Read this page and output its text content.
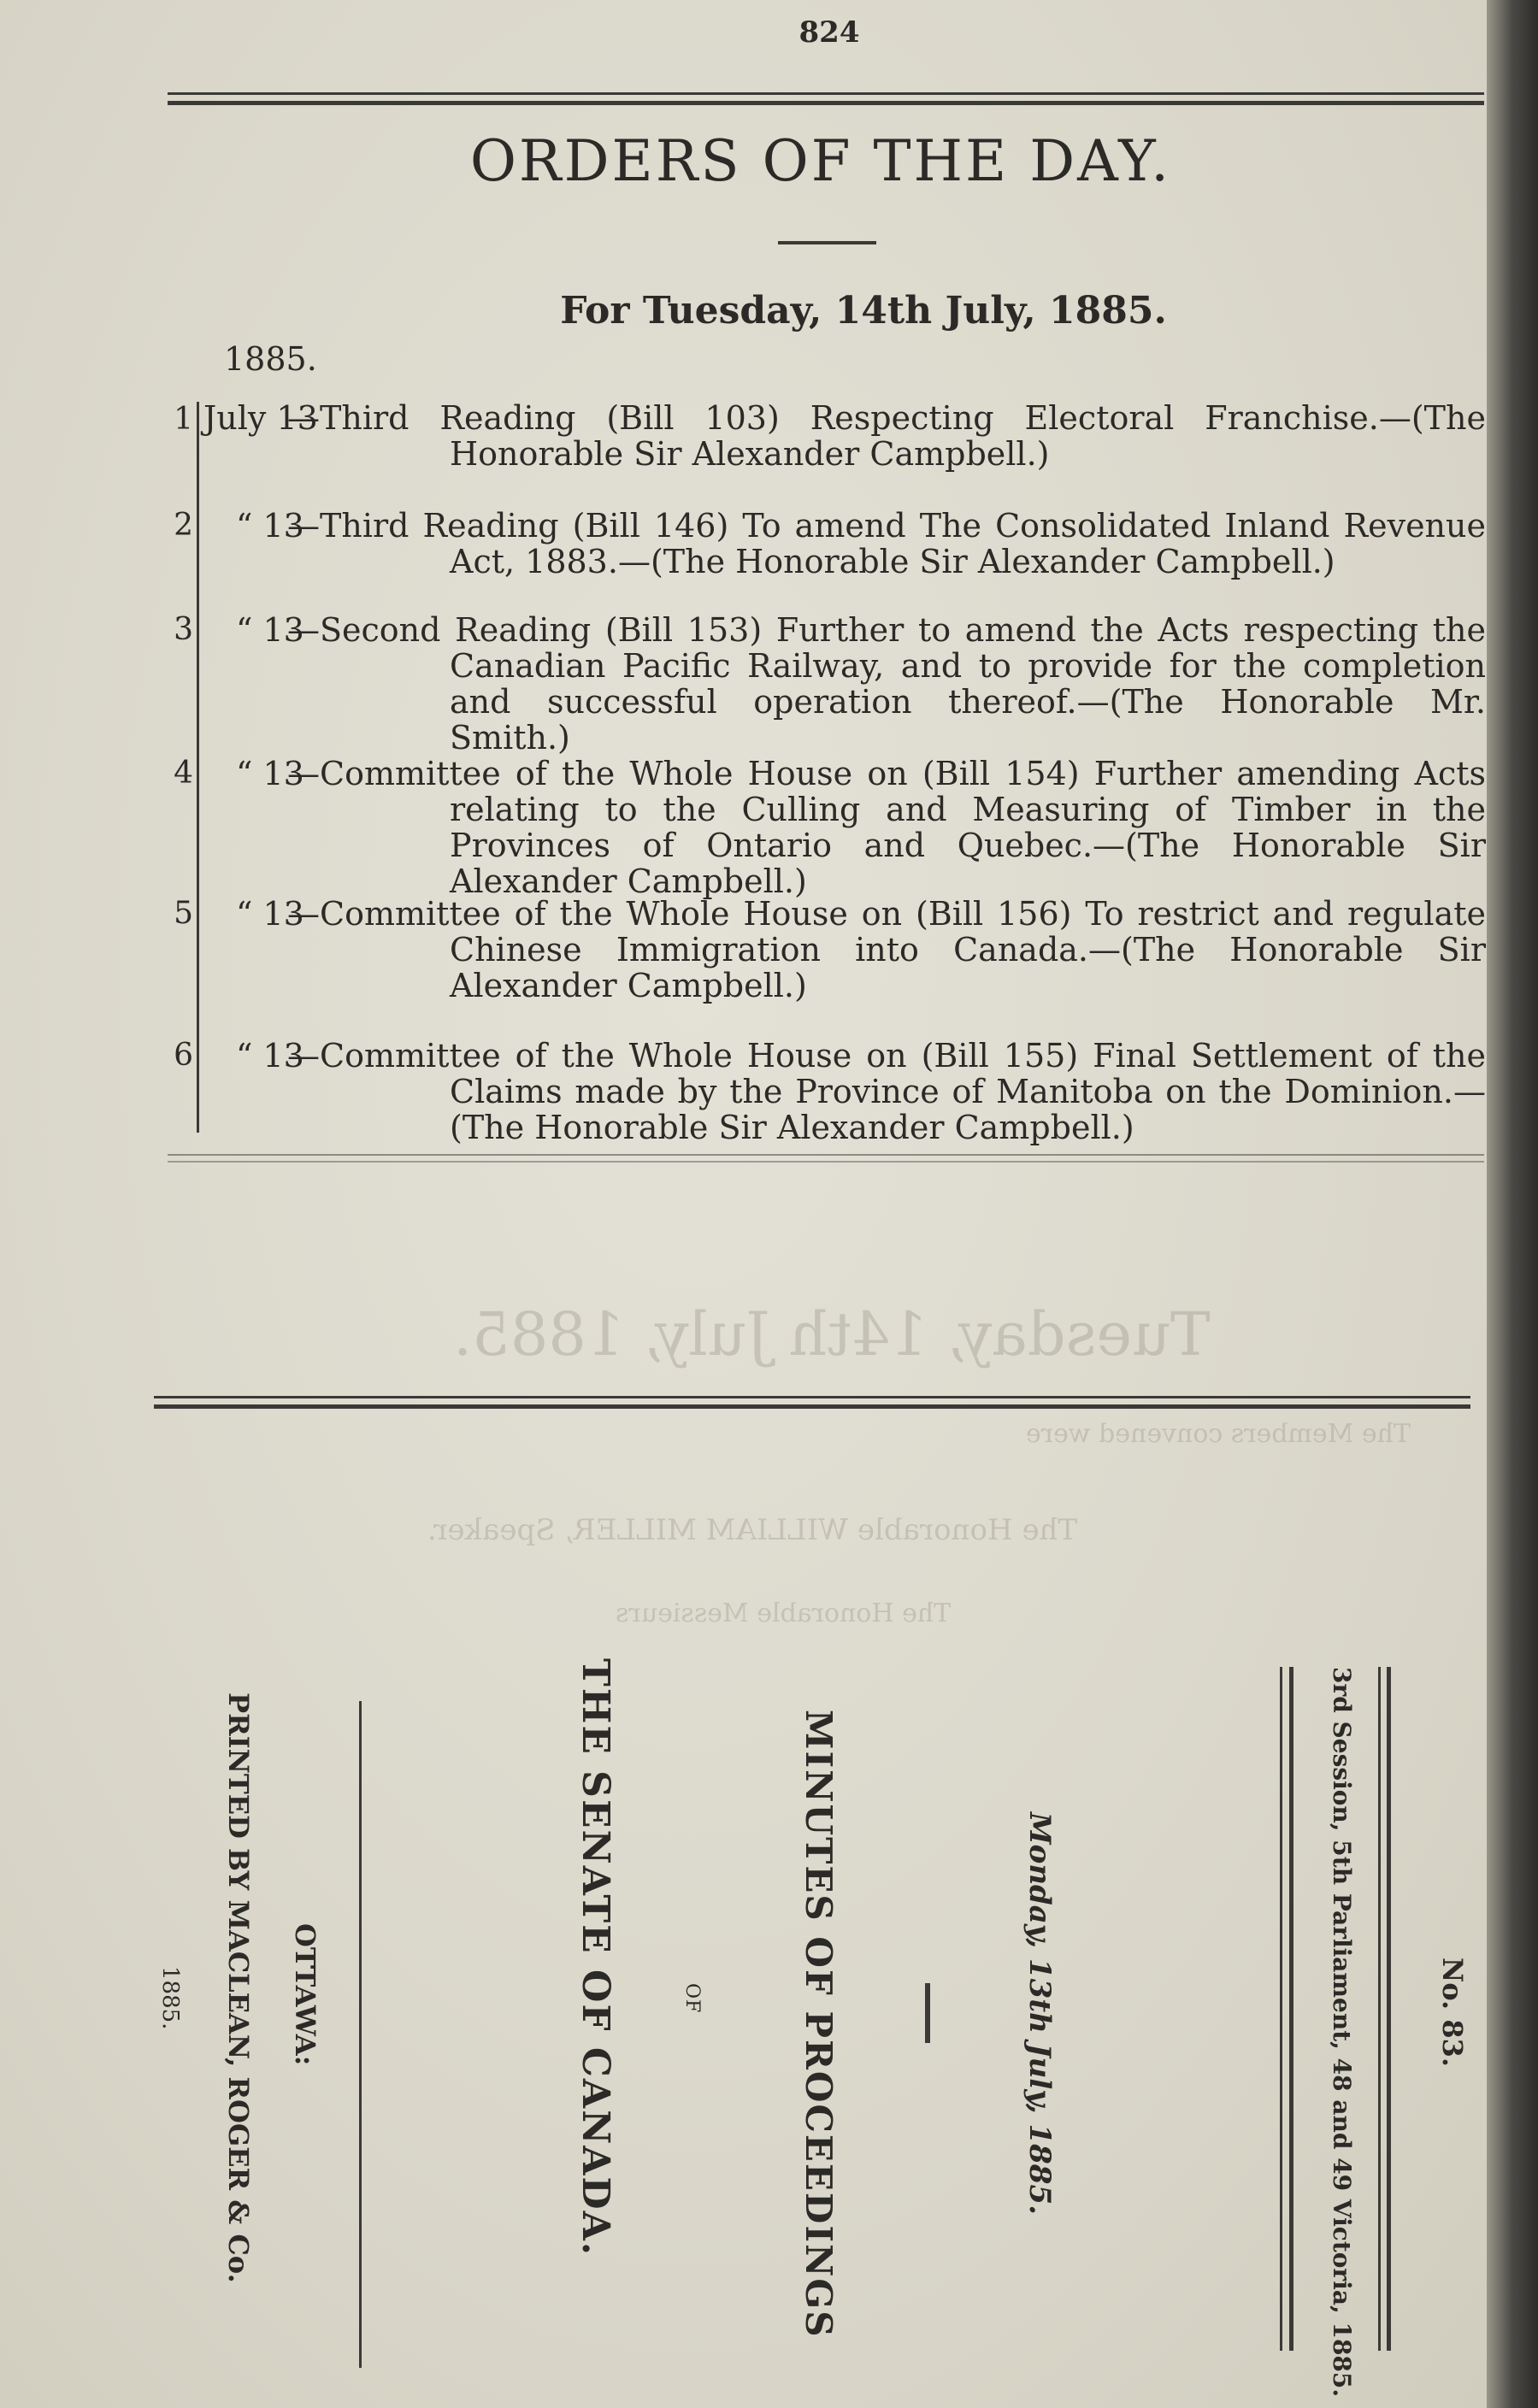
Tuesday, 14th July, 1885.
The Members convened were
The Honorable WILLIAM MILLER, Speaker.
The Honorable Messieurs
824
ORDERS OF THE DAY.
For Tuesday, 14th July, 1885.
1885.
1 July 13
—Third Reading (Bill 103) Respecting Electoral Franchise.—(The Honorable Sir Alexander Campbell.)
2 “ 13
—Third Reading (Bill 146) To amend The Consolidated Inland Revenue Act, 1883.—(The Honorable Sir Alexander Campbell.)
3 “ 13
—Second Reading (Bill 153) Further to amend the Acts respecting the Canadian Pacific Railway, and to provide for the completion and successful operation thereof.—(The Honorable Mr. Smith.)
4 “ 13
—Committee of the Whole House on (Bill 154) Further amending Acts relating to the Culling and Measuring of Timber in the Provinces of Ontario and Quebec.—(The Honorable Sir Alexander Campbell.)
5 “ 13
—Committee of the Whole House on (Bill 156) To restrict and regulate Chinese Immigration into Canada.—(The Honorable Sir Alexander Campbell.)
6 “ 13
—Committee of the Whole House on (Bill 155) Final Settlement of the Claims made by the Province of Manitoba on the Dominion.—(The Honorable Sir Alexander Campbell.)
No. 83.
3rd Session, 5th Parliament, 48 and 49 Victoria, 1885.
Monday, 13th July, 1885.
MINUTES OF PROCEEDINGS
OF
THE SENATE OF CANADA.
OTTAWA:
PRINTED BY MACLEAN, ROGER & Co.
1885.
